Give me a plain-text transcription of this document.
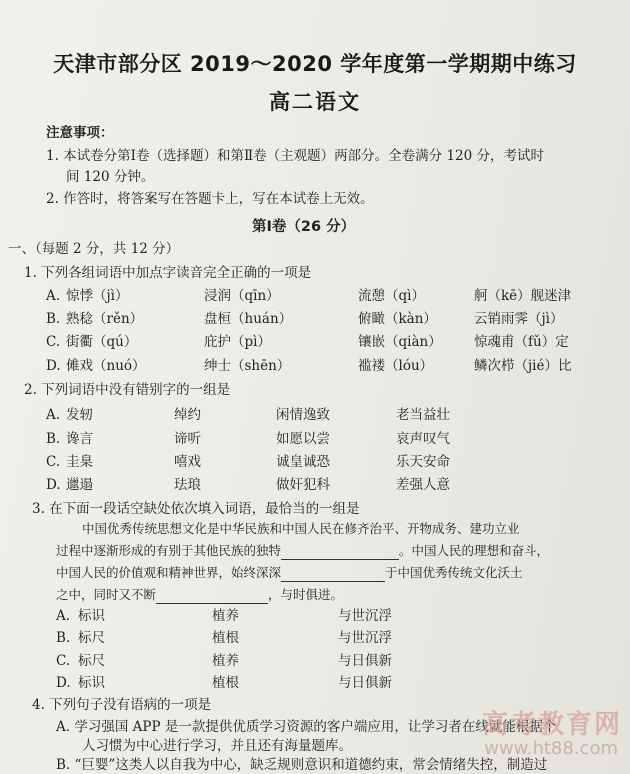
天津市部分区 2019～2020 学年度第一学期期中练习
高二语文
注意事项：
1. 本试卷分第Ⅰ卷（选择题）和第Ⅱ卷（主观题）两部分。全卷满分 120 分，考试时
间 120 分钟。
2. 作答时，将答案写在答题卡上，写在本试卷上无效。
第Ⅰ卷（26 分）
一、（每题 2 分，共 12 分）
1. 下列各组词语中加点字读音完全正确的一项是
A. 惊悸（jì）	浸润（qīn）	流憩（qì）	舸（kē）舰迷津
B. 熟稔（rěn）	盘桓（huán）	俯瞰（kàn）	云销雨霁（jì）
C. 街衢（qú）	庇护（pì）	镶嵌（qiàn） 惊魂甫（fǔ）定
D. 傩戏（nuó）	绅士（shēn）	褴褛（lóu）	鳞次栉（jié）比
2. 下列词语中没有错别字的一组是
A. 发轫	绰约	闲情逸致	老当益壮
B. 谗言	谛听	如愿以尝	哀声叹气
C. 圭臬	嘻戏	诚皇诚恐	乐天安命
D. 邋遢	珐琅	做奸犯科	差强人意
3. 在下面一段话空缺处依次填入词语，最恰当的一组是
中国优秀传统思想文化是中华民族和中国人民在修齐治平、开物成务、建功立业
过程中逐渐形成的有别于其他民族的独特	。中国人民的理想和奋斗，
中国人民的价值观和精神世界，始终深深	于中国优秀传统文化沃土
之中，同时又不断	，与时俱进。
A. 标识	植养	与世沉浮
B. 标尺	植根	与世沉浮
C. 标尺	植养	与日俱新
D. 标识	植根	与日俱新
4. 下列句子没有语病的一项是
A. 学习强国 APP 是一款提供优质学习资源的客户端应用，让学习者在线就能根据个
人习惯为中心进行学习，并且还有海量题库。
B. “巨婴”这类人以自我为中心，缺乏规则意识和道德约束，常会情绪失控，制造过
高考教育网
www.ht88.com
